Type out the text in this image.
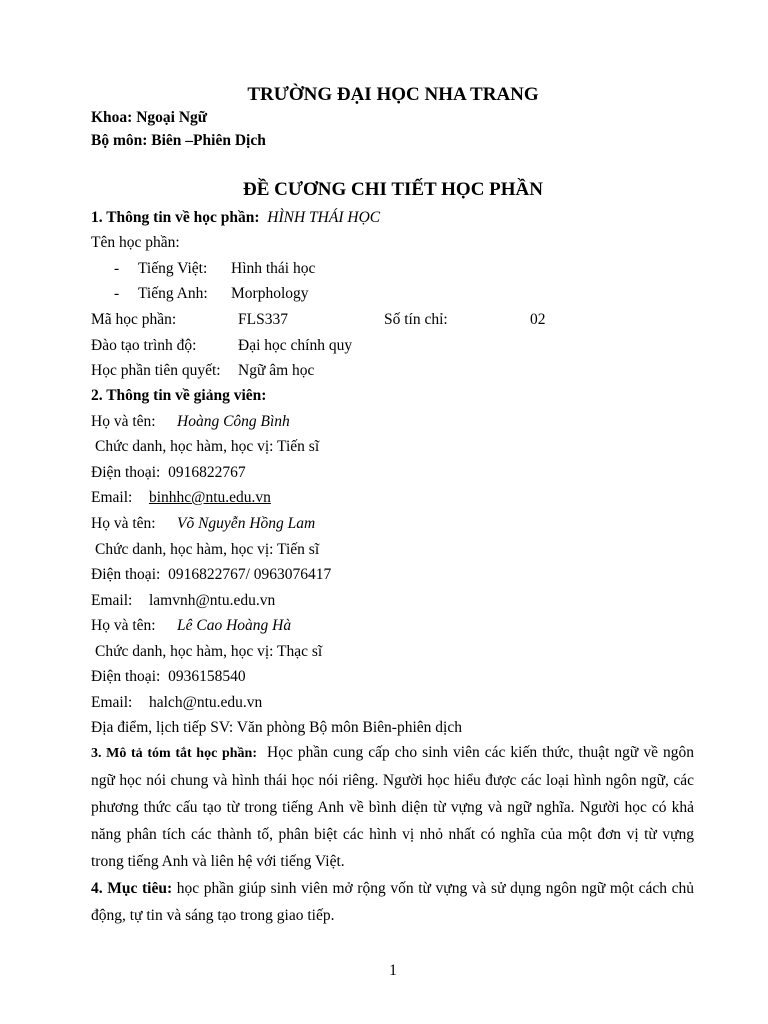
TRƯỜNG ĐẠI HỌC NHA TRANG
Khoa: Ngoại Ngữ
Bộ môn: Biên –Phiên Dịch
ĐỀ CƯƠNG CHI TIẾT HỌC PHẦN
1. Thông tin về học phần: HÌNH THÁI HỌC
Tên học phần:
- Tiếng Việt: Hình thái học
- Tiếng Anh: Morphology
Mã học phần:	FLS337	Số tín chỉ:	02
Đào tạo trình độ:	Đại học chính quy
Học phần tiên quyết: Ngữ âm học
2. Thông tin về giảng viên:
Họ và tên: Hoàng Công Bình
Chức danh, học hàm, học vị: Tiến sĩ
Điện thoại: 0916822767
Email: binhhc@ntu.edu.vn
Họ và tên: Võ Nguyễn Hồng Lam
Chức danh, học hàm, học vị: Tiến sĩ
Điện thoại: 0916822767/ 0963076417
Email: lamvnh@ntu.edu.vn
Họ và tên: Lê Cao Hoàng Hà
Chức danh, học hàm, học vị: Thạc sĩ
Điện thoại: 0936158540
Email: halch@ntu.edu.vn
Địa điểm, lịch tiếp SV: Văn phòng Bộ môn Biên-phiên dịch
3. Mô tả tóm tắt học phần: Học phần cung cấp cho sinh viên các kiến thức, thuật ngữ về ngôn ngữ học nói chung và hình thái học nói riêng. Người học hiểu được các loại hình ngôn ngữ, các phương thức cấu tạo từ trong tiếng Anh về bình diện từ vựng và ngữ nghĩa. Người học có khả năng phân tích các thành tố, phân biệt các hình vị nhỏ nhất có nghĩa của một đơn vị từ vựng trong tiếng Anh và liên hệ với tiếng Việt.
4. Mục tiêu: học phần giúp sinh viên mở rộng vốn từ vựng và sử dụng ngôn ngữ một cách chủ động, tự tin và sáng tạo trong giao tiếp.
1
